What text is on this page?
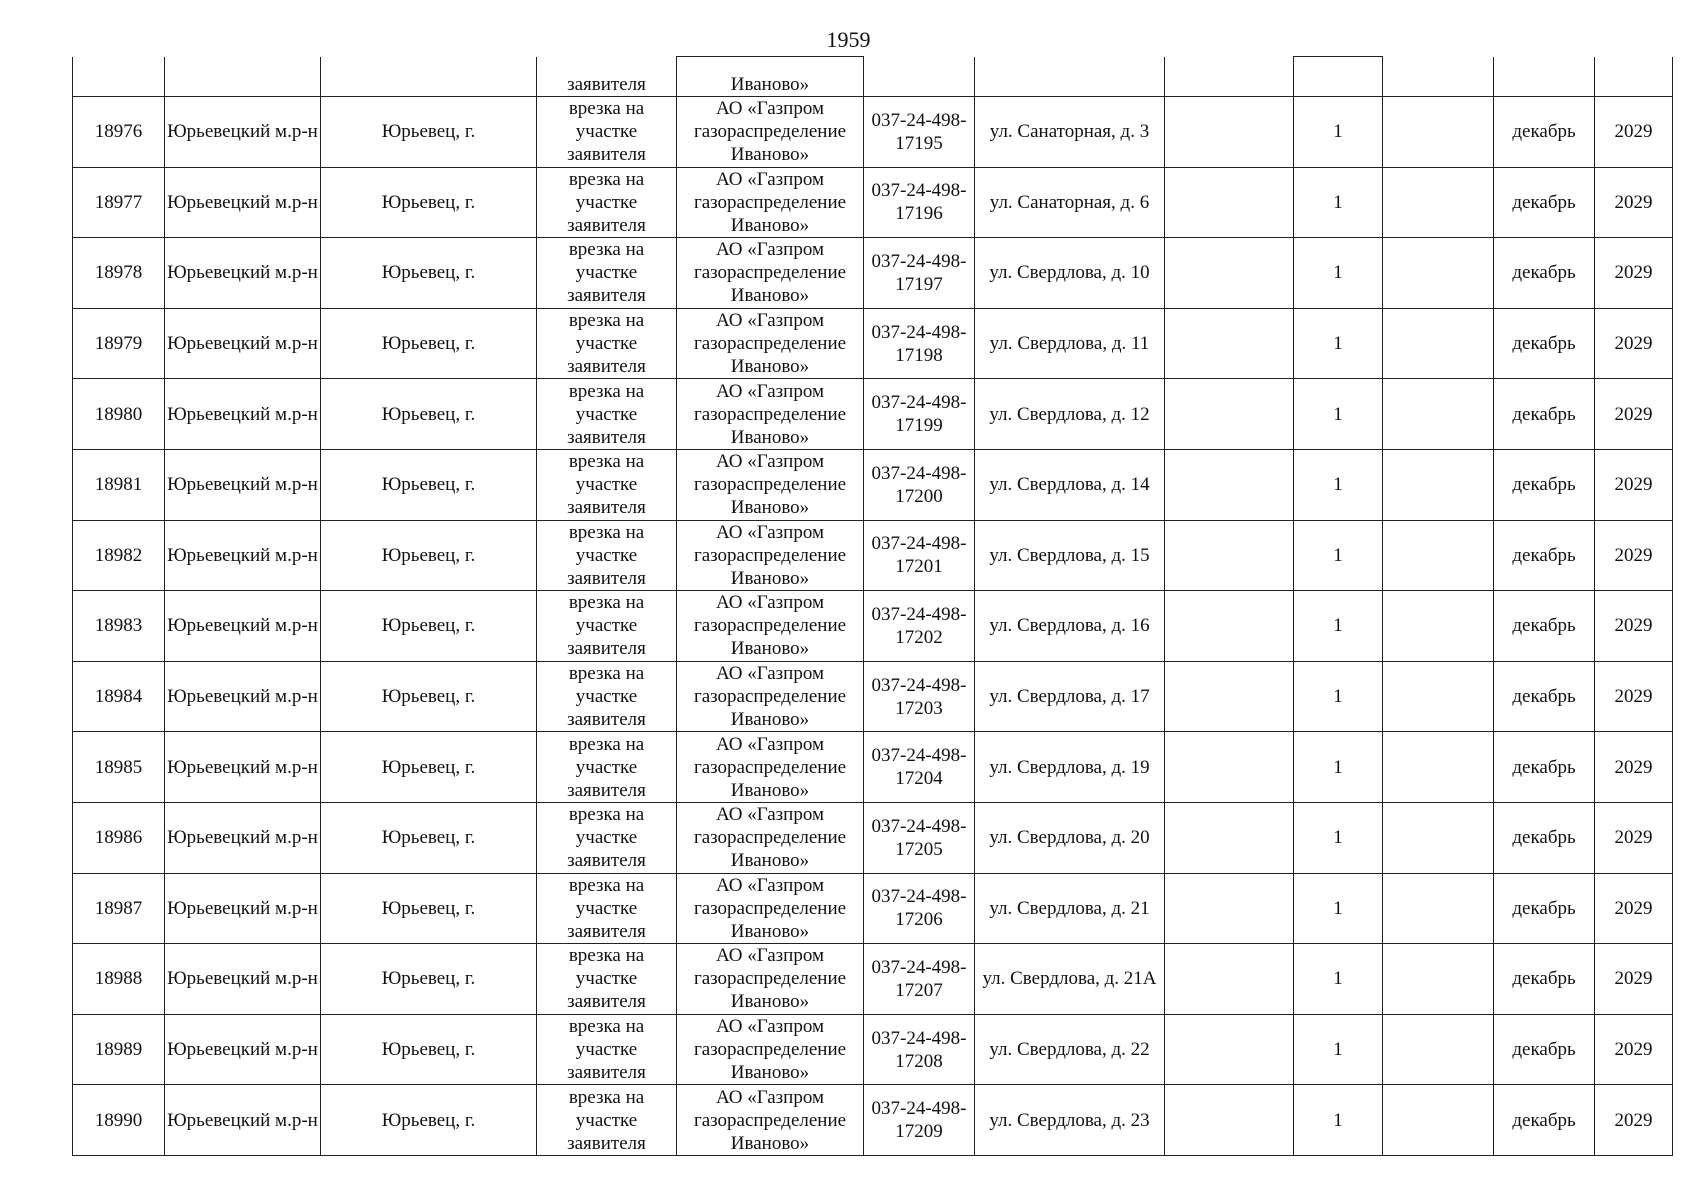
1959
			заявителя	Иваново»							
18976	Юрьевецкий м.р-н	Юрьевец, г.	врезка на участке заявителя	АО «Газпром газораспределение Иваново»	037-24-498-17195	ул. Санаторная, д. 3		1		декабрь	2029
18977	Юрьевецкий м.р-н	Юрьевец, г.	врезка на участке заявителя	АО «Газпром газораспределение Иваново»	037-24-498-17196	ул. Санаторная, д. 6		1		декабрь	2029
18978	Юрьевецкий м.р-н	Юрьевец, г.	врезка на участке заявителя	АО «Газпром газораспределение Иваново»	037-24-498-17197	ул. Свердлова, д. 10		1		декабрь	2029
18979	Юрьевецкий м.р-н	Юрьевец, г.	врезка на участке заявителя	АО «Газпром газораспределение Иваново»	037-24-498-17198	ул. Свердлова, д. 11		1		декабрь	2029
18980	Юрьевецкий м.р-н	Юрьевец, г.	врезка на участке заявителя	АО «Газпром газораспределение Иваново»	037-24-498-17199	ул. Свердлова, д. 12		1		декабрь	2029
18981	Юрьевецкий м.р-н	Юрьевец, г.	врезка на участке заявителя	АО «Газпром газораспределение Иваново»	037-24-498-17200	ул. Свердлова, д. 14		1		декабрь	2029
18982	Юрьевецкий м.р-н	Юрьевец, г.	врезка на участке заявителя	АО «Газпром газораспределение Иваново»	037-24-498-17201	ул. Свердлова, д. 15		1		декабрь	2029
18983	Юрьевецкий м.р-н	Юрьевец, г.	врезка на участке заявителя	АО «Газпром газораспределение Иваново»	037-24-498-17202	ул. Свердлова, д. 16		1		декабрь	2029
18984	Юрьевецкий м.р-н	Юрьевец, г.	врезка на участке заявителя	АО «Газпром газораспределение Иваново»	037-24-498-17203	ул. Свердлова, д. 17		1		декабрь	2029
18985	Юрьевецкий м.р-н	Юрьевец, г.	врезка на участке заявителя	АО «Газпром газораспределение Иваново»	037-24-498-17204	ул. Свердлова, д. 19		1		декабрь	2029
18986	Юрьевецкий м.р-н	Юрьевец, г.	врезка на участке заявителя	АО «Газпром газораспределение Иваново»	037-24-498-17205	ул. Свердлова, д. 20		1		декабрь	2029
18987	Юрьевецкий м.р-н	Юрьевец, г.	врезка на участке заявителя	АО «Газпром газораспределение Иваново»	037-24-498-17206	ул. Свердлова, д. 21		1		декабрь	2029
18988	Юрьевецкий м.р-н	Юрьевец, г.	врезка на участке заявителя	АО «Газпром газораспределение Иваново»	037-24-498-17207	ул. Свердлова, д. 21А		1		декабрь	2029
18989	Юрьевецкий м.р-н	Юрьевец, г.	врезка на участке заявителя	АО «Газпром газораспределение Иваново»	037-24-498-17208	ул. Свердлова, д. 22		1		декабрь	2029
18990	Юрьевецкий м.р-н	Юрьевец, г.	врезка на участке заявителя	АО «Газпром газораспределение Иваново»	037-24-498-17209	ул. Свердлова, д. 23		1		декабрь	2029
